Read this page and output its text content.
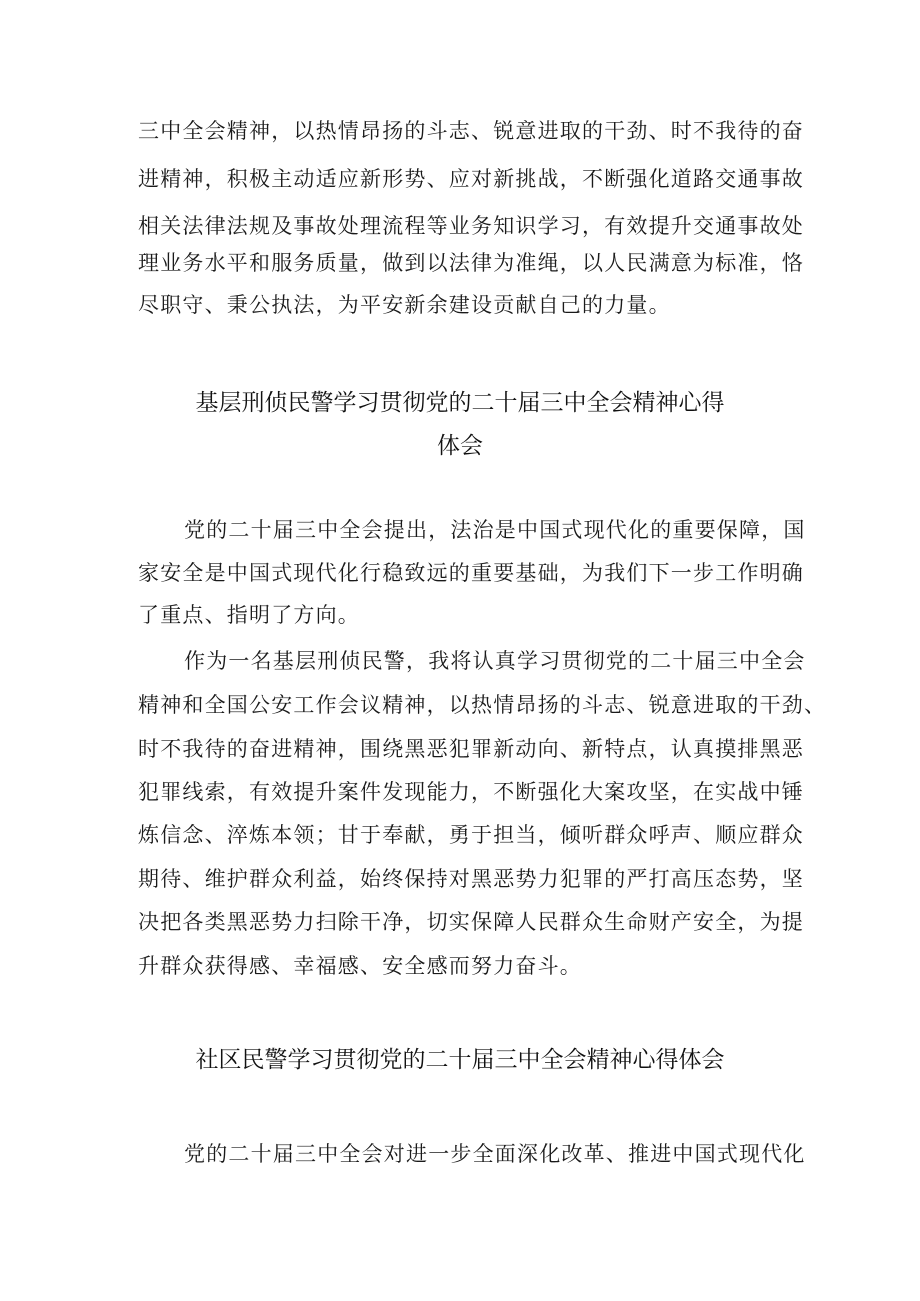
三中全会精神，以热情昂扬的斗志、锐意进取的干劲、时不我待的奋
进精神，积极主动适应新形势、应对新挑战，不断强化道路交通事故
相关法律法规及事故处理流程等业务知识学习，有效提升交通事故处
理业务水平和服务质量，做到以法律为准绳，以人民满意为标准，恪
尽职守、秉公执法，为平安新余建设贡献自己的力量。
基层刑侦民警学习贯彻党的二十届三中全会精神心得
体会
党的二十届三中全会提出，法治是中国式现代化的重要保障，国
家安全是中国式现代化行稳致远的重要基础，为我们下一步工作明确
了重点、指明了方向。
作为一名基层刑侦民警，我将认真学习贯彻党的二十届三中全会
精神和全国公安工作会议精神，以热情昂扬的斗志、锐意进取的干劲、
时不我待的奋进精神，围绕黑恶犯罪新动向、新特点，认真摸排黑恶
犯罪线索，有效提升案件发现能力，不断强化大案攻坚，在实战中锤
炼信念、淬炼本领；甘于奉献，勇于担当，倾听群众呼声、顺应群众
期待、维护群众利益，始终保持对黑恶势力犯罪的严打高压态势，坚
决把各类黑恶势力扫除干净，切实保障人民群众生命财产安全，为提
升群众获得感、幸福感、安全感而努力奋斗。
社区民警学习贯彻党的二十届三中全会精神心得体会
党的二十届三中全会对进一步全面深化改革、推进中国式现代化
